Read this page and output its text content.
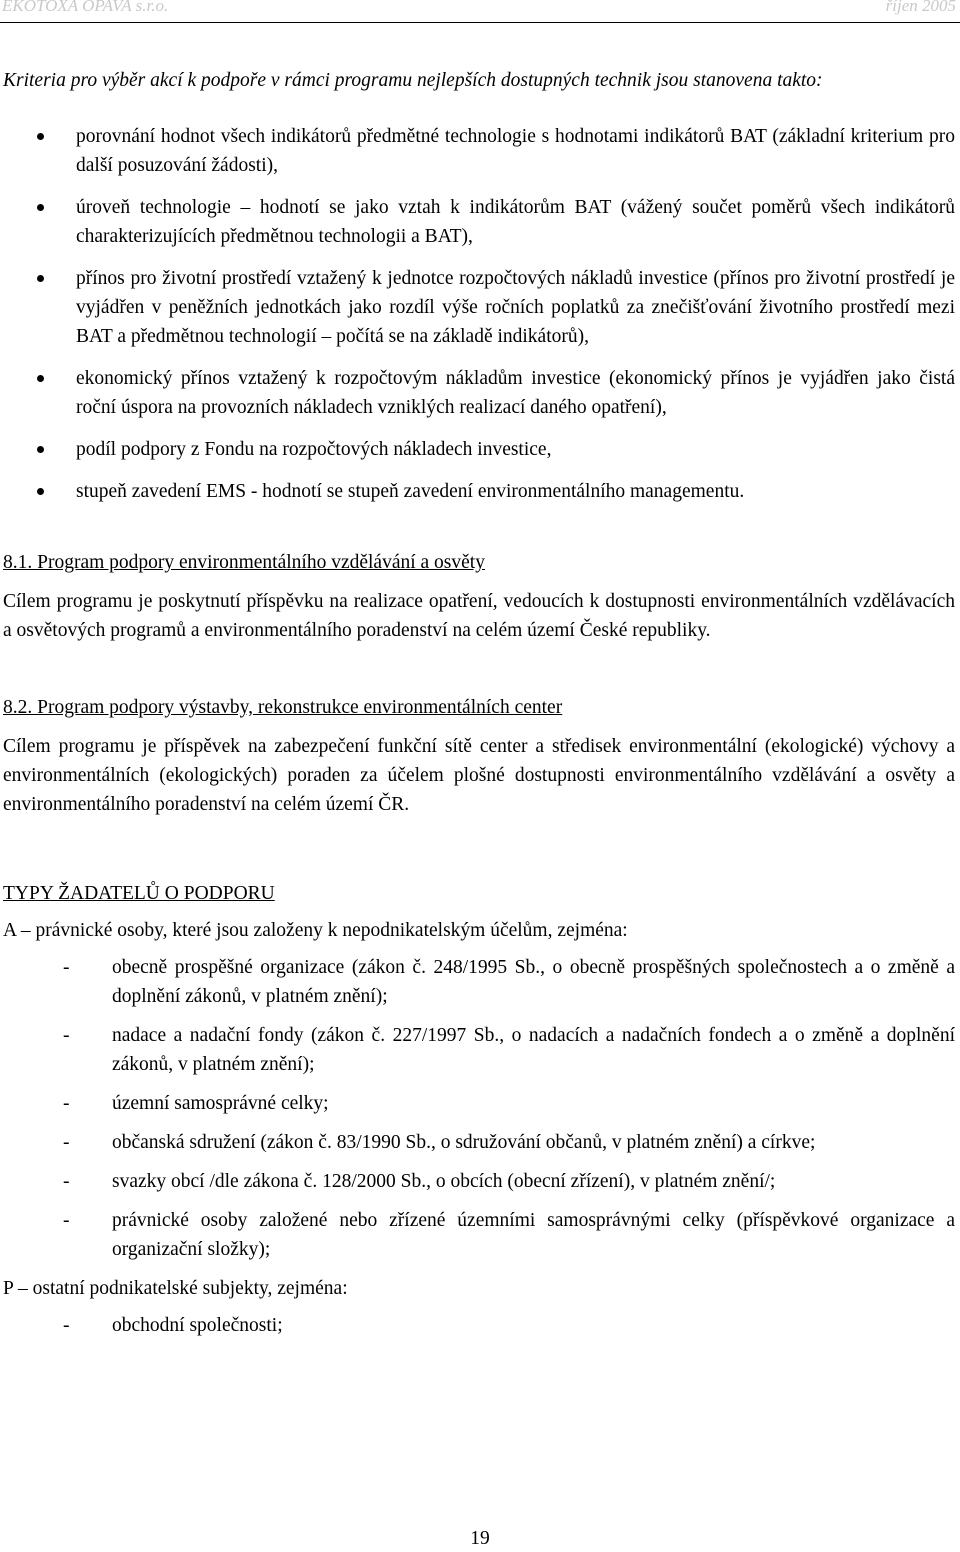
EKOTOXA OPAVA s.r.o.	říjen 2005

Kriteria pro výběr akcí k podpoře v rámci programu nejlepších dostupných technik jsou stanovena takto:

porovnání hodnot všech indikátorů předmětné technologie s hodnotami indikátorů BAT (základní kriterium pro další posuzování žádosti),
úroveň technologie – hodnotí se jako vztah k indikátorům BAT (vážený součet poměrů všech indikátorů charakterizujících předmětnou technologii a BAT),
přínos pro životní prostředí vztažený k jednotce rozpočtových nákladů investice (přínos pro životní prostředí je vyjádřen v peněžních jednotkách jako rozdíl výše ročních poplatků za znečišťování životního prostředí mezi BAT a předmětnou technologií – počítá se na základě indikátorů),
ekonomický přínos vztažený k rozpočtovým nákladům investice (ekonomický přínos je vyjádřen jako čistá roční úspora na provozních nákladech vzniklých realizací daného opatření),
podíl podpory z Fondu na rozpočtových nákladech investice,
stupeň zavedení EMS - hodnotí se stupeň zavedení environmentálního managementu.
8.1. Program podpory environmentálního vzdělávání a osvěty

Cílem programu je poskytnutí příspěvku na realizace opatření, vedoucích k dostupnosti environmentálních vzdělávacích a osvětových programů a environmentálního poradenství na celém území České republiky.

8.2. Program podpory výstavby, rekonstrukce environmentálních center

Cílem programu je příspěvek na zabezpečení funkční sítě center a středisek environmentální (ekologické) výchovy a environmentálních (ekologických) poraden za účelem plošné dostupnosti environmentálního vzdělávání a osvěty a environmentálního poradenství na celém území ČR.

TYPY ŽADATELŮ O PODPORU
A – právnické osoby, které jsou založeny k nepodnikatelským účelům, zejména:
- obecně prospěšné organizace (zákon č. 248/1995 Sb., o obecně prospěšných společnostech a o změně a doplnění zákonů, v platném znění);
- nadace a nadační fondy (zákon č. 227/1997 Sb., o nadacích a nadačních fondech a o změně a doplnění zákonů, v platném znění);
- územní samosprávné celky;
- občanská sdružení (zákon č. 83/1990 Sb., o sdružování občanů, v platném znění) a církve;
- svazky obcí /dle zákona č. 128/2000 Sb., o obcích (obecní zřízení), v platném znění/;
- právnické osoby založené nebo zřízené územními samosprávnými celky (příspěvkové organizace a organizační složky);
P – ostatní podnikatelské subjekty, zejména:
- obchodní společnosti;
19
